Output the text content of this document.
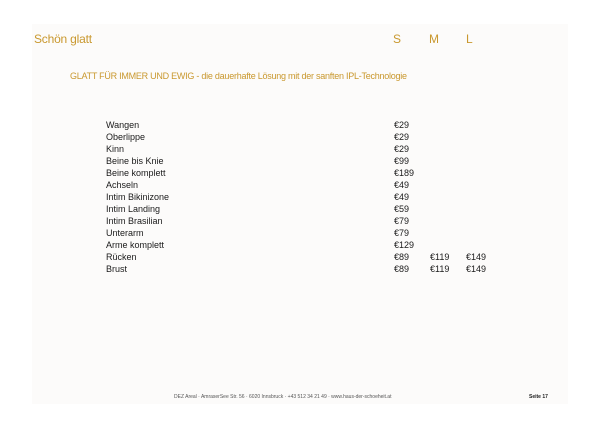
Schön glatt	S M L
GLATT FÜR IMMER UND EWIG - die dauerhafte Lösung mit der sanften IPL-Technologie
Wangen	€29
Oberlippe	€29
Kinn	€29
Beine bis Knie	€99
Beine komplett	€189
Achseln	€49
Intim Bikinizone	€49
Intim Landing	€59
Intim Brasilian	€79
Unterarm	€79
Arme komplett	€129
Rücken	€89 €119 €149
Brust	€89 €119 €149
DEZ Areal · AmraserSee Str. 56 · 6020 Innsbruck · +43 512 34 21 49 · www.haus-der-schoeheit.at	Seite 17
